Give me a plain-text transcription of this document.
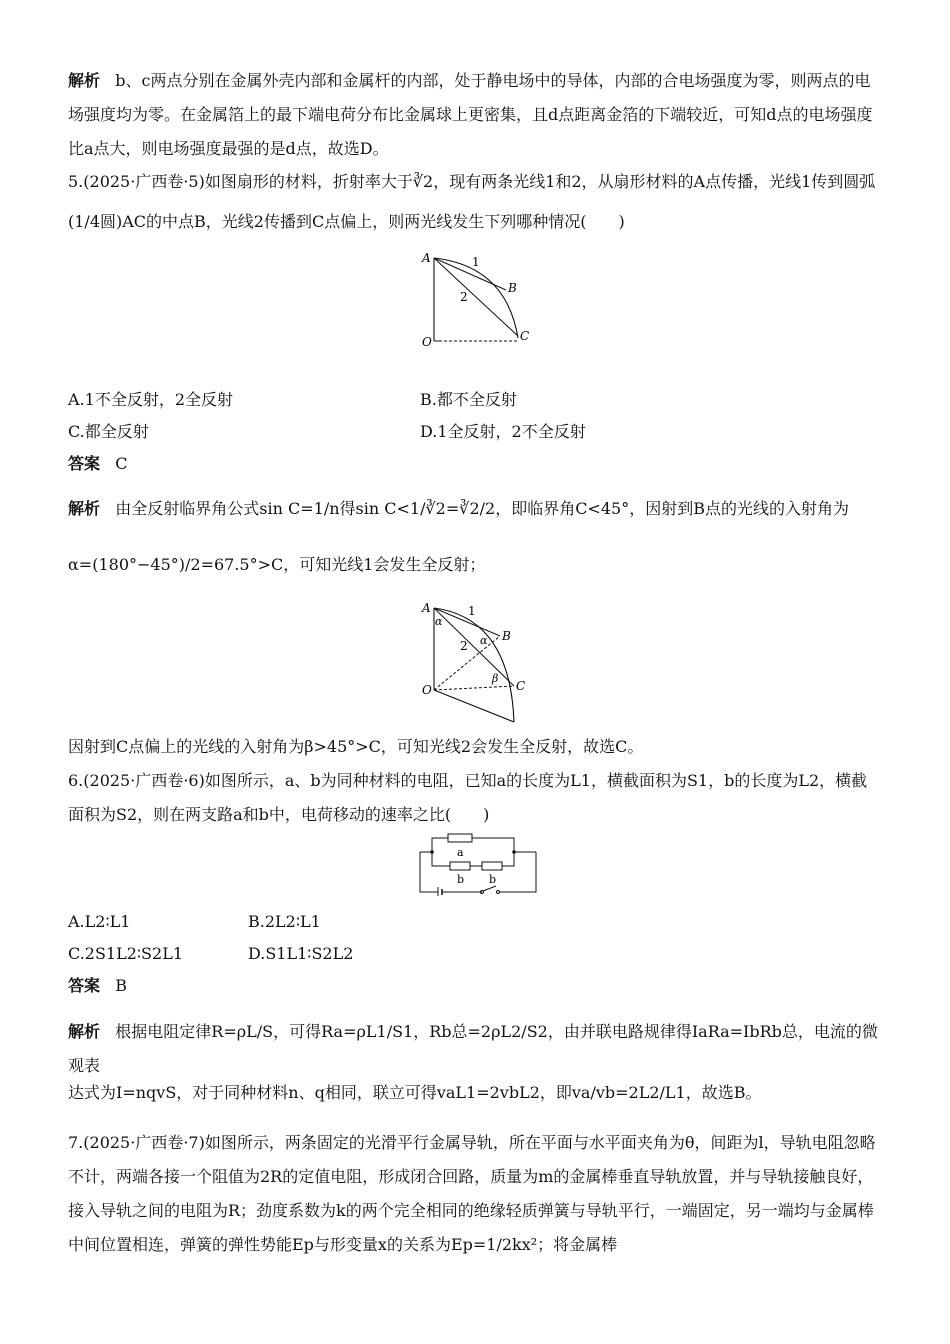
解析 b、c两点分别在金属外壳内部和金属杆的内部，处于静电场中的导体，内部的合电场强度为零，则两点的电场强度均为零。在金属箔上的最下端电荷分布比金属球上更密集，且d点距离金箔的下端较近，可知d点的电场强度比a点大，则电场强度最强的是d点，故选D。
5.(2025·广西卷·5)如图扇形的材料，折射率大于∛2，现有两条光线1和2，从扇形材料的A点传播，光线1传到圆弧(1/4圆)AC的中点B，光线2传播到C点偏上，则两光线发生下列哪种情况(　　)
A	1
B
2
C
O
A.1不全反射，2全反射	B.都不全反射
C.都全反射	D.1全反射，2不全反射
答案 C
解析 由全反射临界角公式sin C=1/n得sin C<1/∛2=∛2/2，即临界角C<45°，因射到B点的光线的入射角为
α=(180°−45°)/2=67.5°>C，可知光线1会发生全反射；
A	1
α
α B
2
β
C
O
因射到C点偏上的光线的入射角为β>45°>C，可知光线2会发生全反射，故选C。
6.(2025·广西卷·6)如图所示，a、b为同种材料的电阻，已知a的长度为L1，横截面积为S1，b的长度为L2，横截面积为S2，则在两支路a和b中，电荷移动的速率之比(　　)
a
b b
A.L2∶L1	B.2L2∶L1
C.2S1L2∶S2L1	D.S1L1∶S2L2
答案 B
解析 根据电阻定律R=ρL/S，可得Ra=ρL1/S1，Rb总=2ρL2/S2，由并联电路规律得IaRa=IbRb总，电流的微观表
达式为I=nqvS，对于同种材料n、q相同，联立可得vaL1=2vbL2，即va/vb=2L2/L1，故选B。
7.(2025·广西卷·7)如图所示，两条固定的光滑平行金属导轨，所在平面与水平面夹角为θ，间距为l，导轨电阻忽略不计，两端各接一个阻值为2R的定值电阻，形成闭合回路，质量为m的金属棒垂直导轨放置，并与导轨接触良好，接入导轨之间的电阻为R；劲度系数为k的两个完全相同的绝缘轻质弹簧与导轨平行，一端固定，另一端均与金属棒中间位置相连，弹簧的弹性势能Ep与形变量x的关系为Ep=1/2kx²；将金属棒
